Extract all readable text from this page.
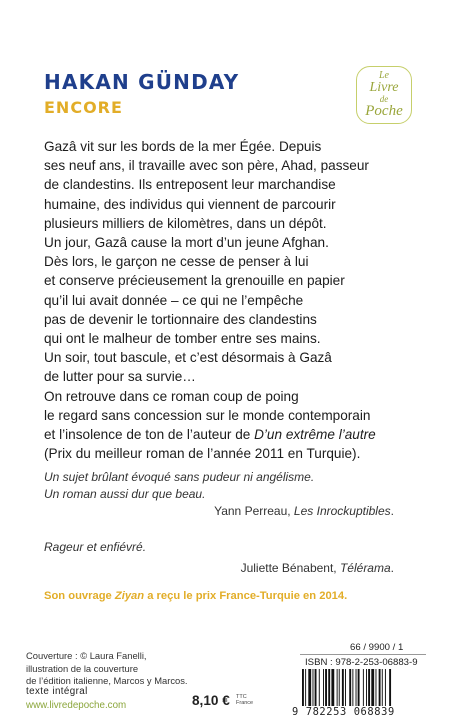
HAKAN GÜNDAY
ENCORE
Le
Livre
de
Poche

Gazâ vit sur les bords de la mer Égée. Depuis

ses neuf ans, il travaille avec son père, Ahad, passeur

de clandestins. Ils entreposent leur marchandise

humaine, des individus qui viennent de parcourir

plusieurs milliers de kilomètres, dans un dépôt.

Un jour, Gazâ cause la mort d’un jeune Afghan.

Dès lors, le garçon ne cesse de penser à lui

et conserve précieusement la grenouille en papier

qu’il lui avait donnée – ce qui ne l’empêche

pas de devenir le tortionnaire des clandestins

qui ont le malheur de tomber entre ses mains.

Un soir, tout bascule, et c’est désormais à Gazâ

de lutter pour sa survie…

On retrouve dans ce roman coup de poing

le regard sans concession sur le monde contemporain

et l’insolence de ton de l’auteur de D’un extrême l’autre

(Prix du meilleur roman de l’année 2011 en Turquie).

Un sujet brûlant évoqué sans pudeur ni angélisme.
Un roman aussi dur que beau.
Yann Perreau, Les Inrockuptibles.
Rageur et enfiévré.
Juliette Bénabent, Télérama.
Son ouvrage Ziyan a reçu le prix France-Turquie en 2014.
Couverture : © Laura Fanelli,
illustration de la couverture
de l’édition italienne, Marcos y Marcos.
texte intégral
www.livredepoche.com	8,10 € TTC
France
66 / 9900 / 1
ISBN : 978-2-253-06883-9
9 782253 068839
